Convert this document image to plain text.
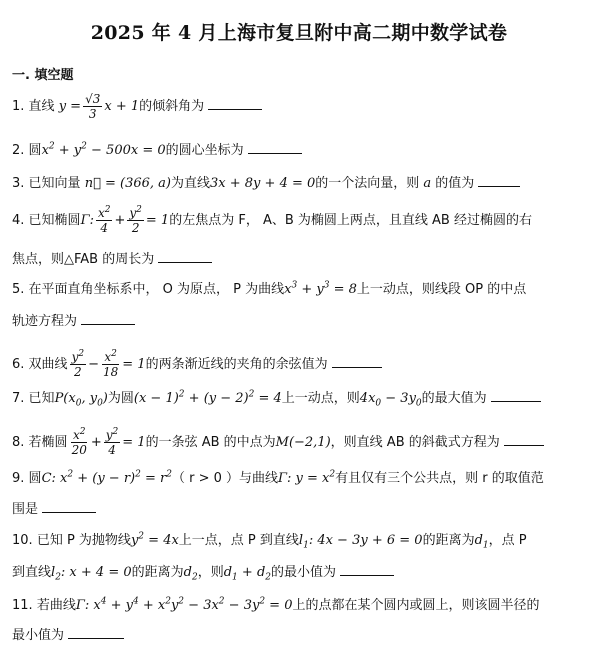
2025 年 4 月上海市复旦附中高二期中数学试卷
一. 填空题
1. 直线 $y = \frac{√3}{3}$ x + 1的倾斜角为
2. 圆$x^2 + y^2 - 500x = 0$的圆心坐标为
3. 已知向量 n⃗ = (366, a)为直线3x + 8y + 4 = 0的一个法向量，则 a 的值为
4. 已知椭圆Γ: $\frac{x^2}{4} + \frac{y^2}{2} = 1$的左焦点为 F， A、B 为椭圆上两点，且直线 AB 经过椭圆的右
焦点，则△FAB 的周长为
5. 在平面直角坐标系中， O 为原点， P 为曲线$x^3 + y^3 = 8$上一动点，则线段 OP 的中点
轨迹方程为
6. 双曲线 $\frac{y^2}{2} - \frac{x^2}{18} = 1$的两条渐近线的夹角的余弦值为
7. 已知$P(x_0$, $y_0$)为圆$(x - 1)^2 + (y - 2)^2 = 4$上一动点，则$4x_0 - 3y_0$的最大值为
8. 若椭圆 $\frac{x^2}{20} + \frac{y^2}{4} = 1$的一条弦 AB 的中点为M(−2,1)，则直线 AB 的斜截式方程为
9. 圆C: $x^2 + (y - r)^2 = r^2$（ r > 0 ）与曲线Γ: $y = x^2$有且仅有三个公共点，则 r 的取值范
围是
10. 已知 P 为抛物线$y^2 = 4x$上一点，点 P 到直线$l_1$: 4x − 3y + 6 = 0的距离为$d_1$，点 P
到直线$l_2$: x + 4 = 0的距离为$d_2$，则$d_1 + d_2$的最小值为
11. 若曲线Γ: $x^4 + y^4 + x^2y^2 - 3x^2 - 3y^2 = 0$上的点都在某个圆内或圆上，则该圆半径的
最小值为
